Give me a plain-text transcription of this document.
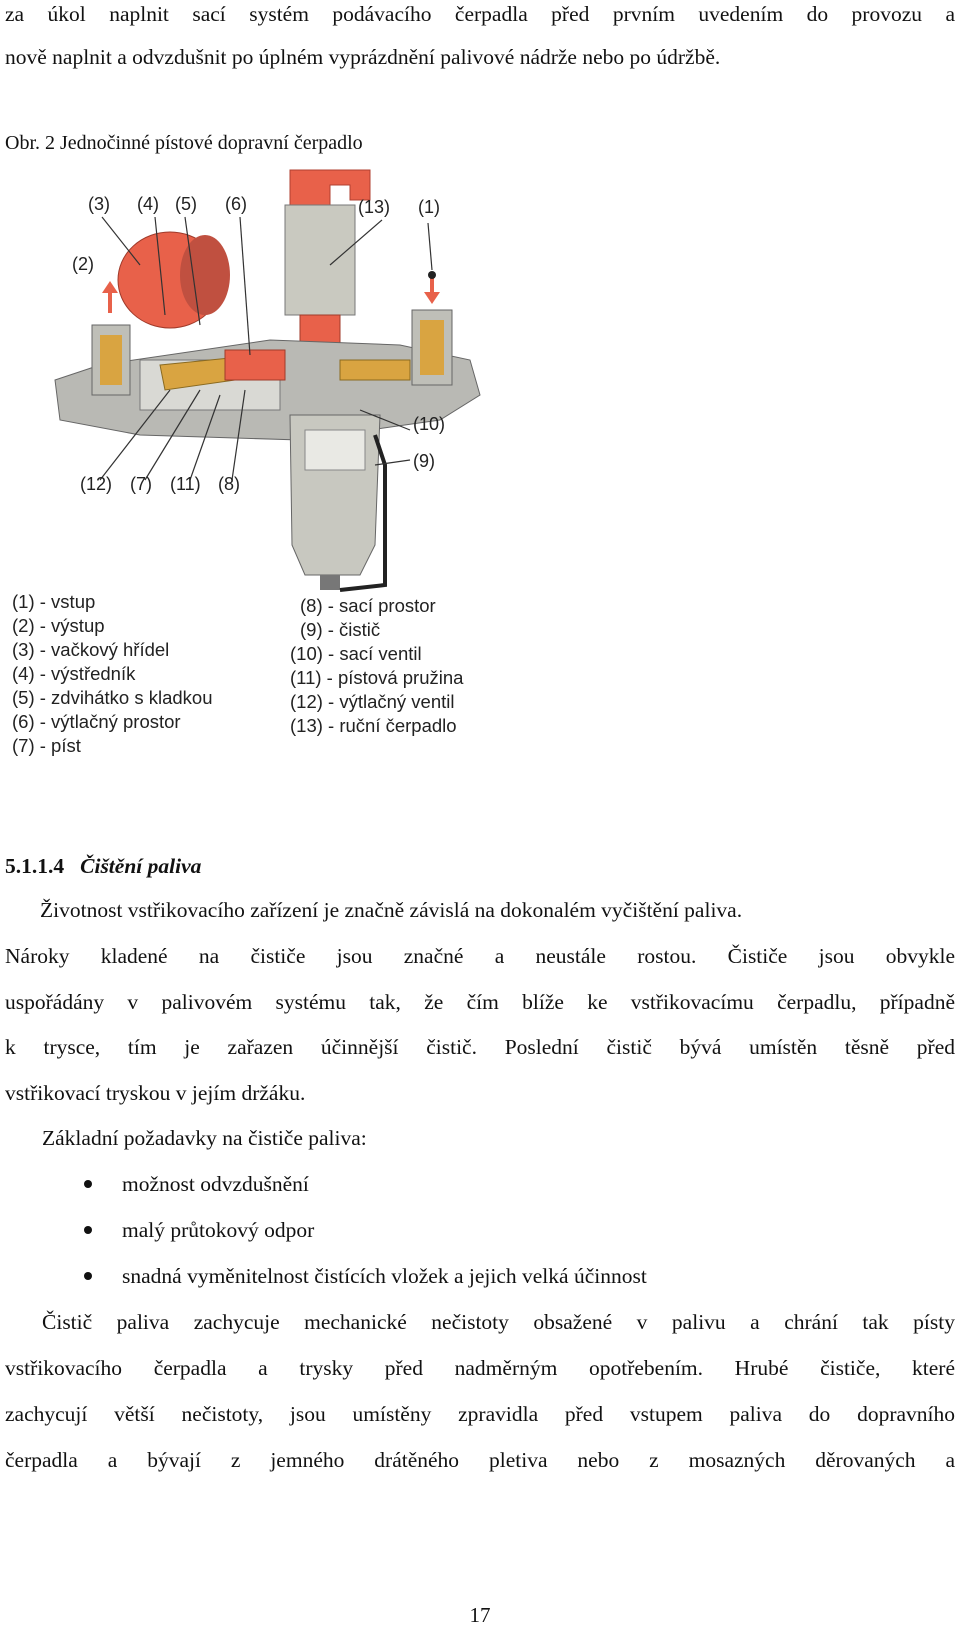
za úkol naplnit sací systém podávacího čerpadla před prvním uvedením do provozu a
nově naplnit a odvzdušnit po úplném vyprázdnění palivové nádrže nebo po údržbě.
Obr. 2 Jednočinné pístové dopravní čerpadlo
(3) (4) (5) (6)	(13) (1)
(2)
(10)
(9)
(12) (7) (11) (8)
(1) - vstup
(2) - výstup
(3) - vačkový hřídel
(4) - výstředník
(5) - zdvihátko s kladkou
(6) - výtlačný prostor
(7) - píst
(8) - sací prostor
(9) - čistič
(10) - sací ventil
(11) - pístová pružina
(12) - výtlačný ventil
(13) - ruční čerpadlo
5.1.1.4 Čištění paliva
Životnost vstřikovacího zařízení je značně závislá na dokonalém vyčištění paliva.
Nároky kladené na čističe jsou značné a neustále rostou. Čističe jsou obvykle
uspořádány v palivovém systému tak, že čím blíže ke vstřikovacímu čerpadlu, případně
k trysce, tím je zařazen účinnější čistič. Poslední čistič bývá umístěn těsně před
vstřikovací tryskou v jejím držáku.
Základní požadavky na čističe paliva:
možnost odvzdušnění
malý průtokový odpor
snadná vyměnitelnost čistících vložek a jejich velká účinnost
Čistič paliva zachycuje mechanické nečistoty obsažené v palivu a chrání tak písty
vstřikovacího čerpadla a trysky před nadměrným opotřebením. Hrubé čističe, které
zachycují větší nečistoty, jsou umístěny zpravidla před vstupem paliva do dopravního
čerpadla a bývají z jemného drátěného pletiva nebo z mosazných děrovaných a
17
